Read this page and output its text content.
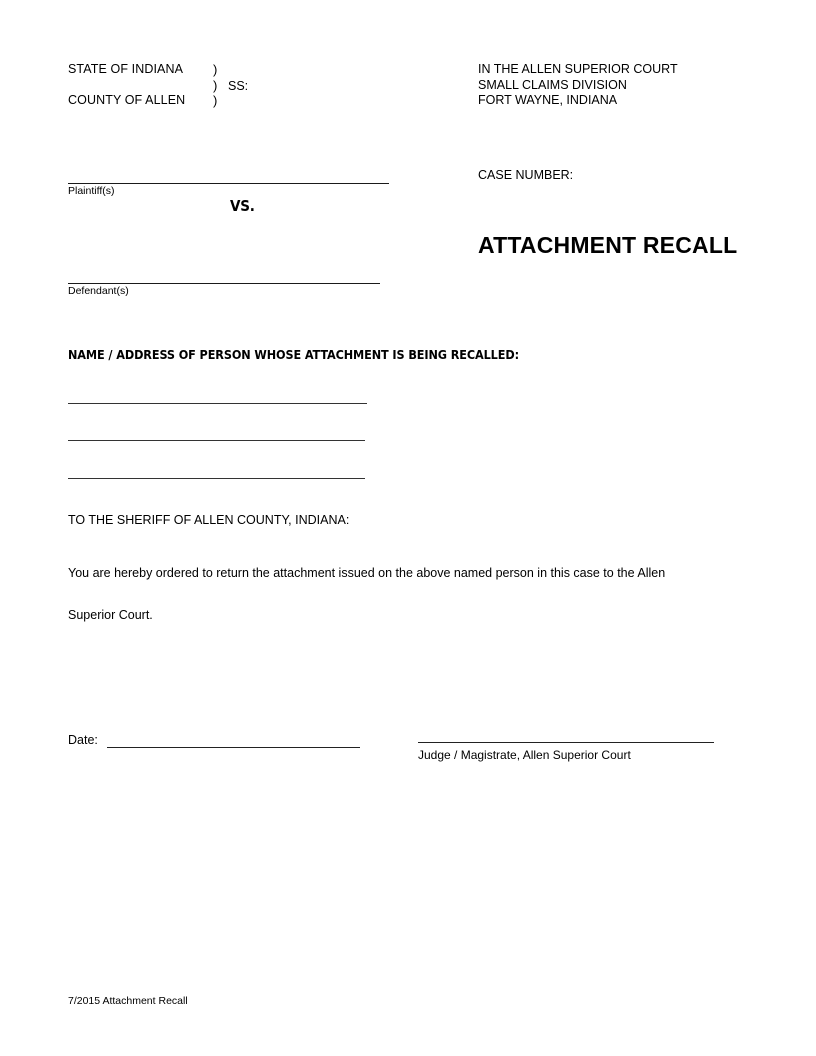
STATE OF INDIANA
COUNTY OF ALLEN
)
)
)
SS:
IN THE ALLEN SUPERIOR COURT
SMALL CLAIMS DIVISION
FORT WAYNE, INDIANA
CASE NUMBER:
ATTACHMENT RECALL
Plaintiff(s)
VS.
Defendant(s)
NAME / ADDRESS OF PERSON WHOSE ATTACHMENT IS BEING RECALLED:
TO THE SHERIFF OF ALLEN COUNTY, INDIANA:
You are hereby ordered to return the attachment issued on the above named person in this case to the Allen
Superior Court.
Date:
Judge / Magistrate, Allen Superior Court
7/2015 Attachment Recall
